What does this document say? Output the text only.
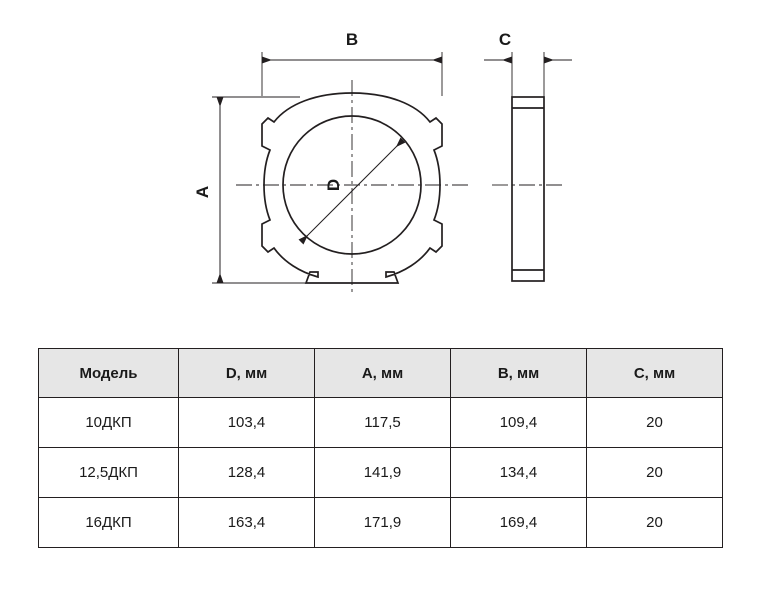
B	C
A
D
Модель	D, мм	A, мм	B, мм	C, мм
10ДКП	103,4	117,5	109,4	20
12,5ДКП	128,4	141,9	134,4	20
16ДКП	163,4	171,9	169,4	20
